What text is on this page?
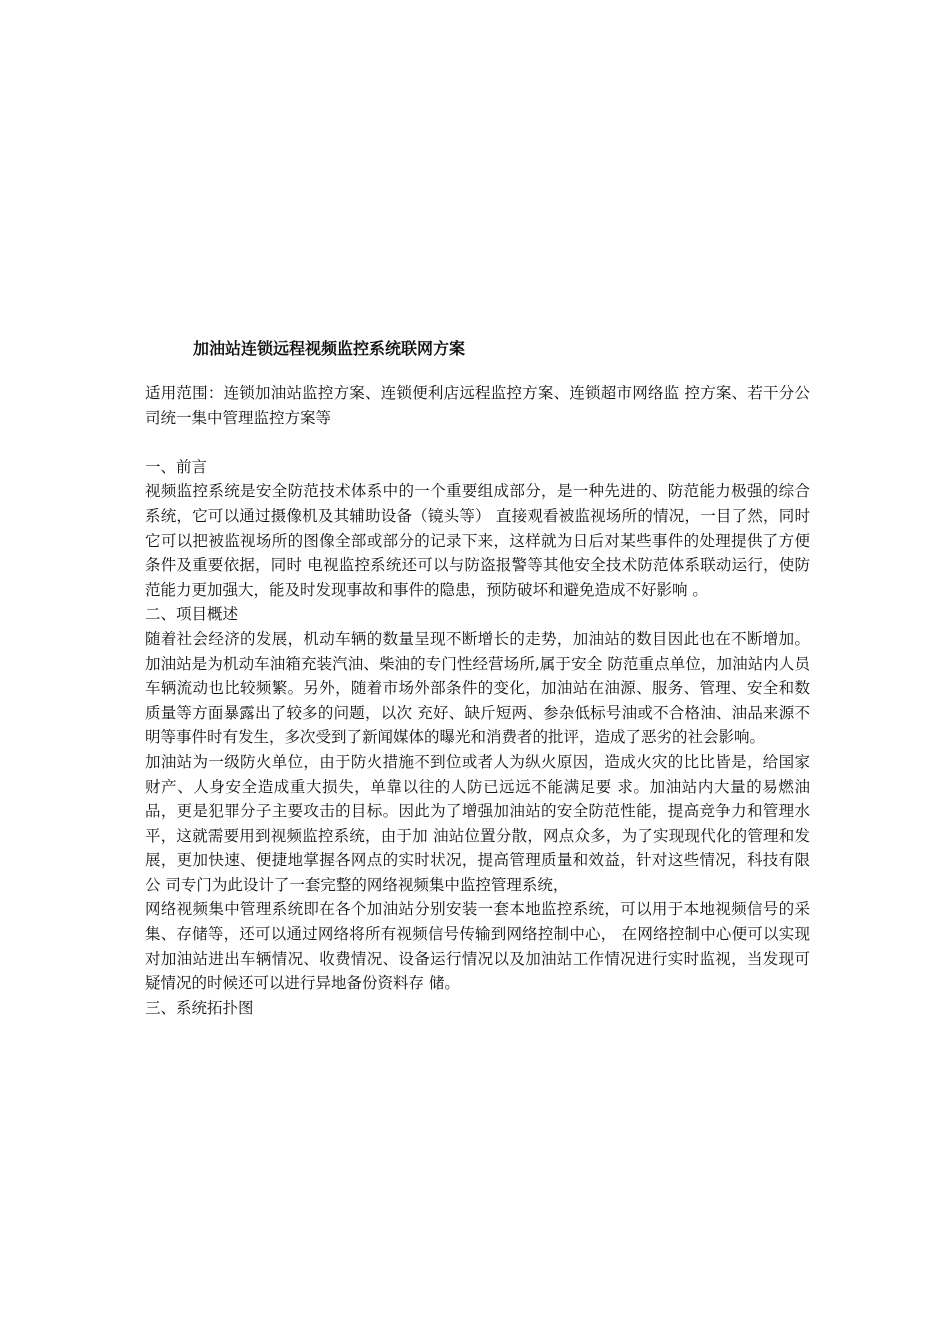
加油站连锁远程视频监控系统联网方案

适用范围：连锁加油站监控方案、连锁便利店远程监控方案、连锁超市网络监 控方案、若干分公司统一集中管理监控方案等

一、前言

视频监控系统是安全防范技术体系中的一个重要组成部分，是一种先进的、防范能力极强的综合系统，它可以通过摄像机及其辅助设备（镜头等） 直接观看被监视场所的情况，一目了然，同时它可以把被监视场所的图像全部或部分的记录下来，这样就为日后对某些事件的处理提供了方便条件及重要依据，同时 电视监控系统还可以与防盗报警等其他安全技术防范体系联动运行，使防范能力更加强大，能及时发现事故和事件的隐患，预防破坏和避免造成不好影响 。

二、项目概述

随着社会经济的发展，机动车辆的数量呈现不断增长的走势，加油站的数目因此也在不断增加。加油站是为机动车油箱充装汽油、柴油的专门性经营场所,属于安全 防范重点单位，加油站内人员车辆流动也比较频繁。另外，随着市场外部条件的变化，加油站在油源、服务、管理、安全和数质量等方面暴露出了较多的问题，以次 充好、缺斤短两、参杂低标号油或不合格油、油品来源不明等事件时有发生，多次受到了新闻媒体的曝光和消费者的批评，造成了恶劣的社会影响。

加油站为一级防火单位，由于防火措施不到位或者人为纵火原因，造成火灾的比比皆是，给国家财产、人身安全造成重大损失，单靠以往的人防已远远不能满足要 求。加油站内大量的易燃油品，更是犯罪分子主要攻击的目标。因此为了增强加油站的安全防范性能，提高竞争力和管理水平，这就需要用到视频监控系统，由于加 油站位置分散，网点众多，为了实现现代化的管理和发展，更加快速、便捷地掌握各网点的实时状况，提高管理质量和效益，针对这些情况，科技有限公 司专门为此设计了一套完整的网络视频集中监控管理系统，

网络视频集中管理系统即在各个加油站分别安装一套本地监控系统，可以用于本地视频信号的采集、存储等，还可以通过网络将所有视频信号传输到网络控制中心， 在网络控制中心便可以实现对加油站进出车辆情况、收费情况、设备运行情况以及加油站工作情况进行实时监视，当发现可疑情况的时候还可以进行异地备份资料存 储。

三、系统拓扑图
